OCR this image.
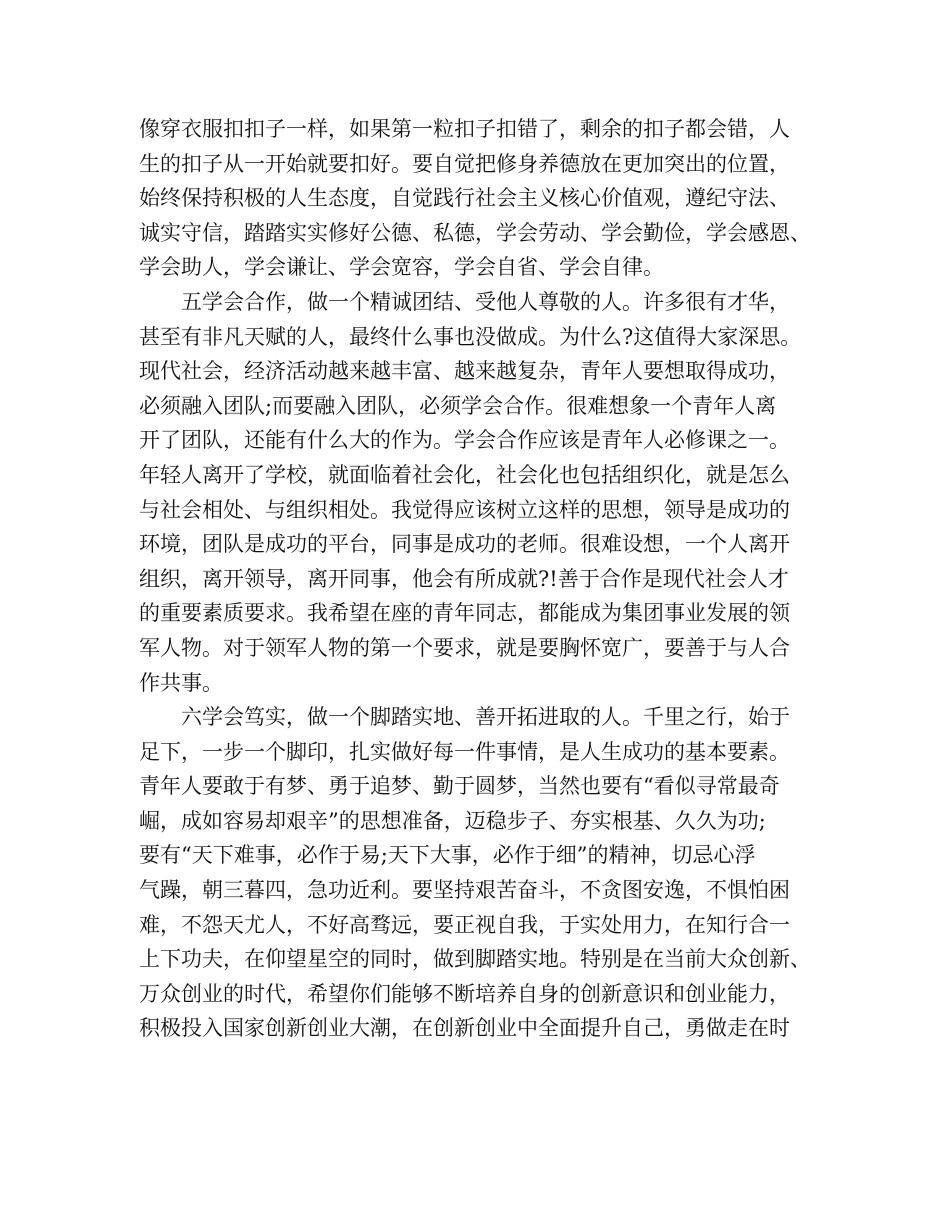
像穿衣服扣扣子一样，如果第一粒扣子扣错了，剩余的扣子都会错，人
生的扣子从一开始就要扣好。要自觉把修身养德放在更加突出的位置，
始终保持积极的人生态度，自觉践行社会主义核心价值观，遵纪守法、
诚实守信，踏踏实实修好公德、私德，学会劳动、学会勤俭，学会感恩、
学会助人，学会谦让、学会宽容，学会自省、学会自律。
五学会合作，做一个精诚团结、受他人尊敬的人。许多很有才华，
甚至有非凡天赋的人，最终什么事也没做成。为什么?这值得大家深思。
现代社会，经济活动越来越丰富、越来越复杂，青年人要想取得成功，
必须融入团队;而要融入团队，必须学会合作。很难想象一个青年人离
开了团队，还能有什么大的作为。学会合作应该是青年人必修课之一。
年轻人离开了学校，就面临着社会化，社会化也包括组织化，就是怎么
与社会相处、与组织相处。我觉得应该树立这样的思想，领导是成功的
环境，团队是成功的平台，同事是成功的老师。很难设想，一个人离开
组织，离开领导，离开同事，他会有所成就?!善于合作是现代社会人才
的重要素质要求。我希望在座的青年同志，都能成为集团事业发展的领
军人物。对于领军人物的第一个要求，就是要胸怀宽广，要善于与人合
作共事。
六学会笃实，做一个脚踏实地、善开拓进取的人。千里之行，始于
足下，一步一个脚印，扎实做好每一件事情，是人生成功的基本要素。
青年人要敢于有梦、勇于追梦、勤于圆梦，当然也要有“看似寻常最奇
崛，成如容易却艰辛”的思想准备，迈稳步子、夯实根基、久久为功;
要有“天下难事，必作于易;天下大事，必作于细”的精神，切忌心浮
气躁，朝三暮四，急功近利。要坚持艰苦奋斗，不贪图安逸，不惧怕困
难，不怨天尤人，不好高骛远，要正视自我，于实处用力，在知行合一
上下功夫，在仰望星空的同时，做到脚踏实地。特别是在当前大众创新、
万众创业的时代，希望你们能够不断培养自身的创新意识和创业能力，
积极投入国家创新创业大潮，在创新创业中全面提升自己，勇做走在时
